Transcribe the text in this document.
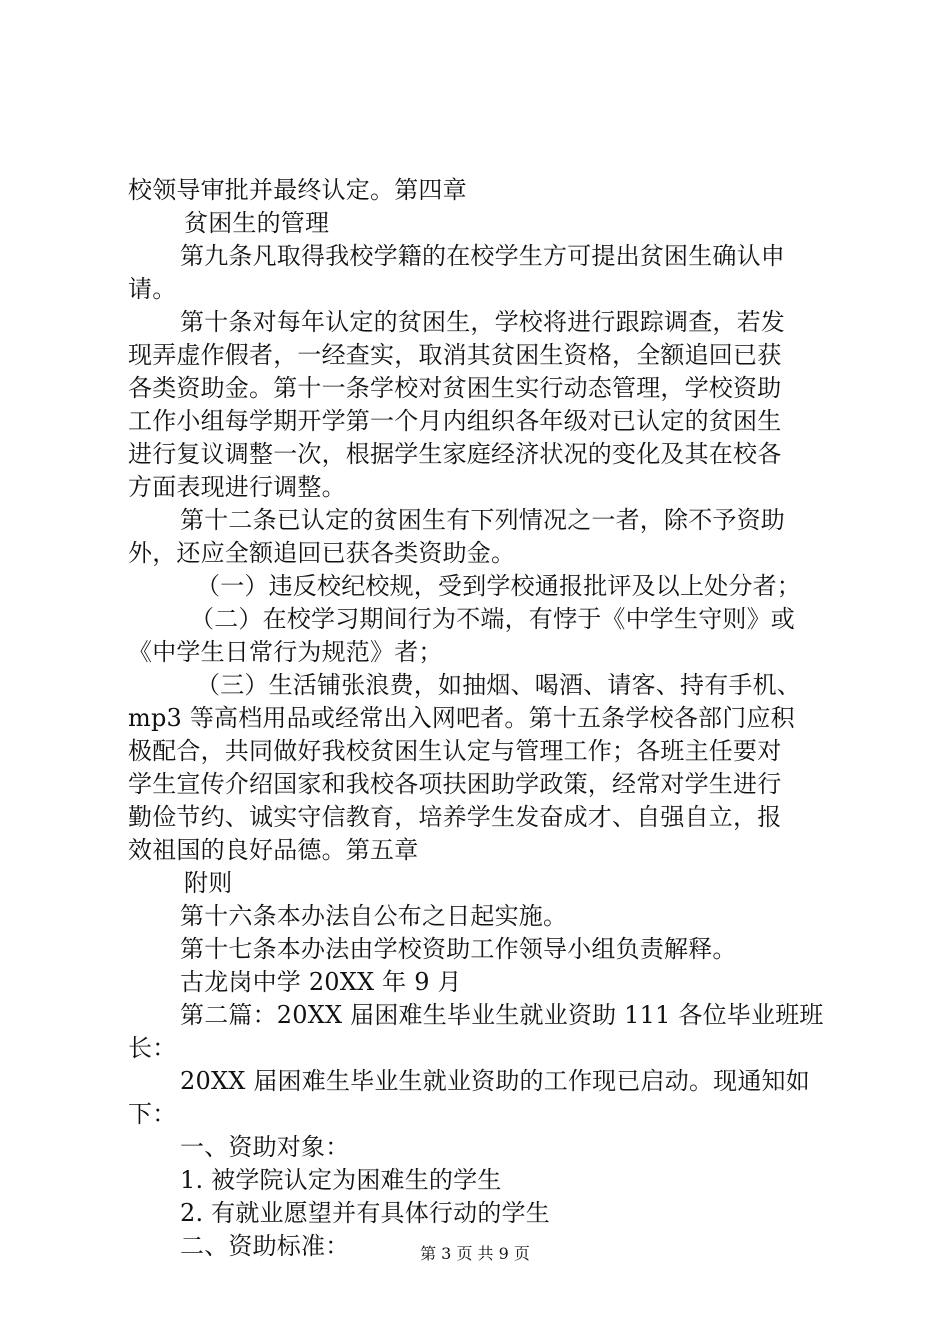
校领导审批并最终认定。第四章
贫困生的管理
第九条凡取得我校学籍的在校学生方可提出贫困生确认申
请。
第十条对每年认定的贫困生，学校将进行跟踪调查，若发
现弄虚作假者，一经查实，取消其贫困生资格，全额追回已获
各类资助金。第十一条学校对贫困生实行动态管理，学校资助
工作小组每学期开学第一个月内组织各年级对已认定的贫困生
进行复议调整一次，根据学生家庭经济状况的变化及其在校各
方面表现进行调整。
第十二条已认定的贫困生有下列情况之一者，除不予资助
外，还应全额追回已获各类资助金。
（一）违反校纪校规，受到学校通报批评及以上处分者；
（二）在校学习期间行为不端，有悖于《中学生守则》或
《中学生日常行为规范》者；
（三）生活铺张浪费，如抽烟、喝酒、请客、持有手机、
mp3 等高档用品或经常出入网吧者。第十五条学校各部门应积
极配合，共同做好我校贫困生认定与管理工作；各班主任要对
学生宣传介绍国家和我校各项扶困助学政策，经常对学生进行
勤俭节约、诚实守信教育，培养学生发奋成才、自强自立，报
效祖国的良好品德。第五章
附则
第十六条本办法自公布之日起实施。
第十七条本办法由学校资助工作领导小组负责解释。
古龙岗中学 20XX 年 9 月
第二篇：20XX 届困难生毕业生就业资助 111 各位毕业班班
长：
20XX 届困难生毕业生就业资助的工作现已启动。现通知如
下：
一、资助对象：
1. 被学院认定为困难生的学生
2. 有就业愿望并有具体行动的学生
二、资助标准：	第 3 页 共 9 页
